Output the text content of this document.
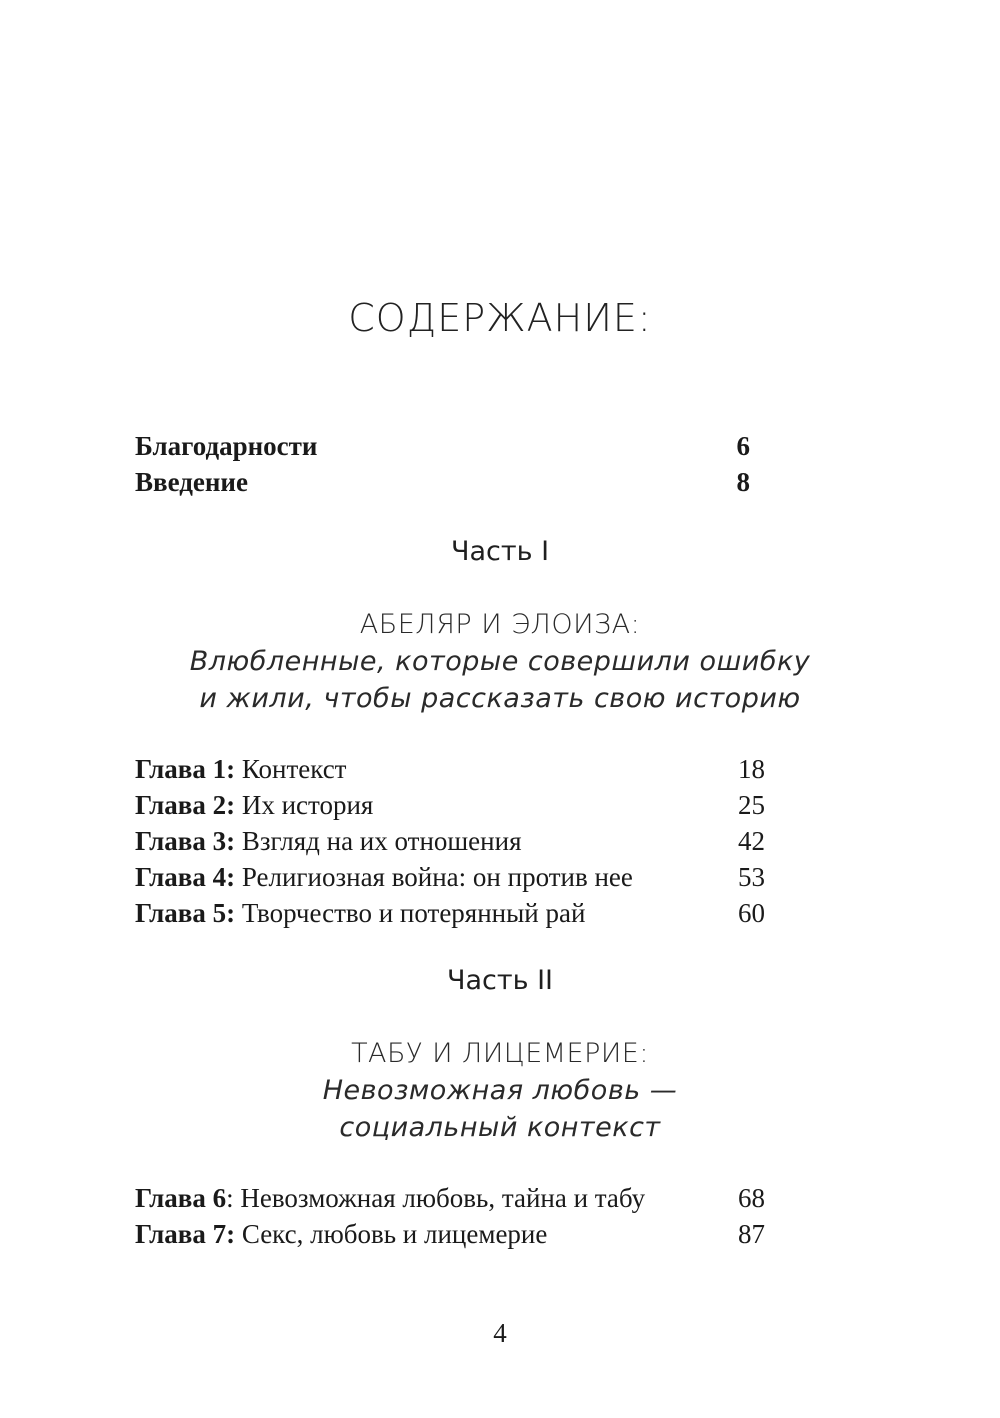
СОДЕРЖАНИЕ:
Благодарности	6
Введение	8
Часть I
АБЕЛЯР И ЭЛОИЗА:
Влюбленные, которые совершили ошибку
и жили, чтобы рассказать свою историю
Глава 1: Контекст	18
Глава 2: Их история	25
Глава 3: Взгляд на их отношения	42
Глава 4: Религиозная война: он против нее	53
Глава 5: Творчество и потерянный рай	60
Часть II
ТАБУ И ЛИЦЕМЕРИЕ:
Невозможная любовь —
социальный контекст
Глава 6: Невозможная любовь, тайна и табу	68
Глава 7: Секс, любовь и лицемерие	87
4
